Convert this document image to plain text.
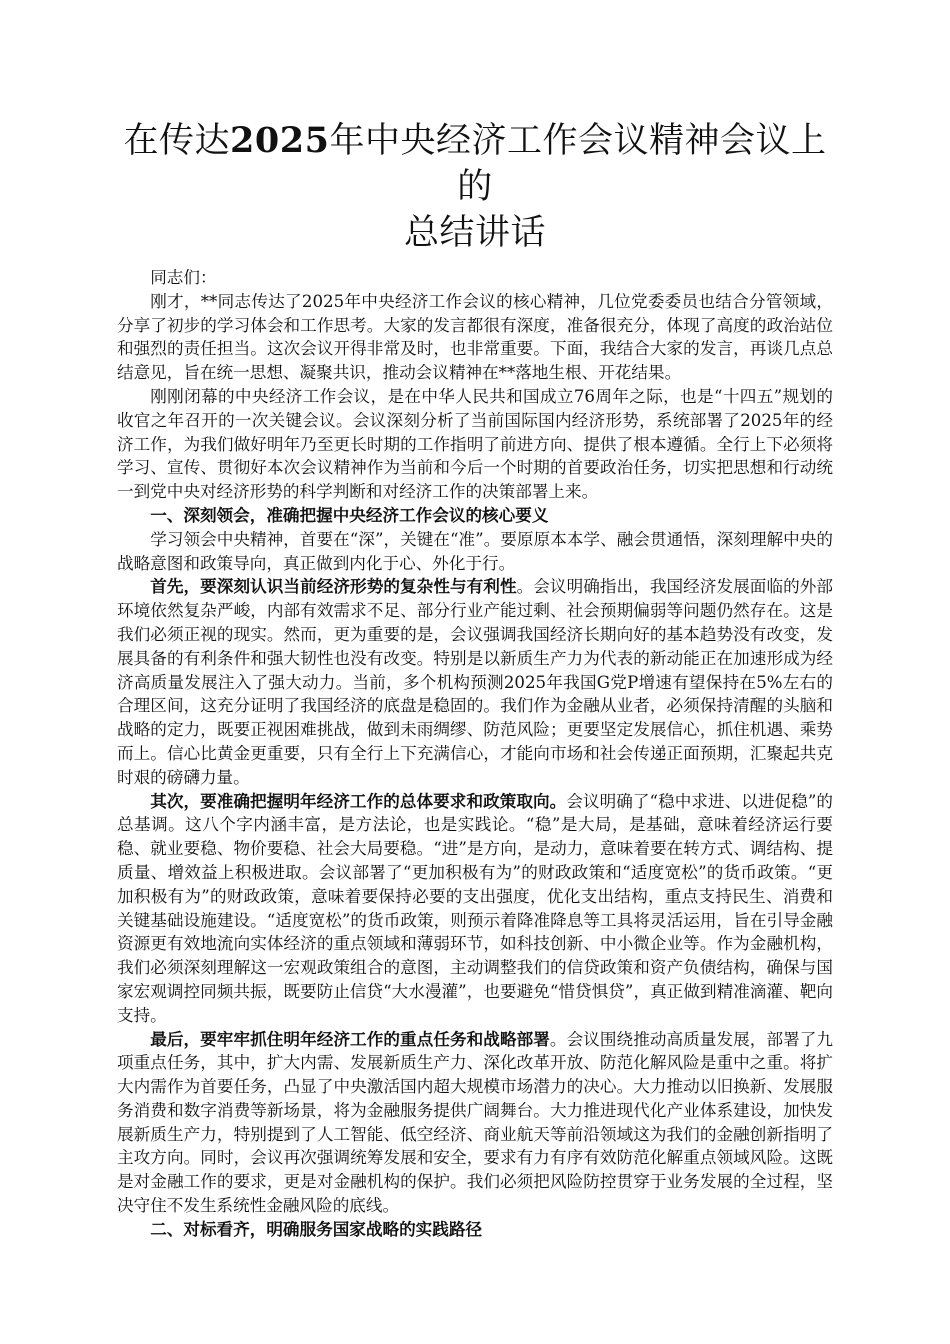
在传达2025年中央经济工作会议精神会议上的
总结讲话

同志们：

刚才，**同志传达了2025年中央经济工作会议的核心精神，几位党委委员也结合分管领域，分享了初步的学习体会和工作思考。大家的发言都很有深度，准备很充分，体现了高度的政治站位和强烈的责任担当。这次会议开得非常及时，也非常重要。下面，我结合大家的发言，再谈几点总结意见，旨在统一思想、凝聚共识，推动会议精神在**落地生根、开花结果。

刚刚闭幕的中央经济工作会议，是在中华人民共和国成立76周年之际，也是“十四五”规划的收官之年召开的一次关键会议。会议深刻分析了当前国际国内经济形势，系统部署了2025年的经济工作，为我们做好明年乃至更长时期的工作指明了前进方向、提供了根本遵循。全行上下必须将学习、宣传、贯彻好本次会议精神作为当前和今后一个时期的首要政治任务，切实把思想和行动统一到党中央对经济形势的科学判断和对经济工作的决策部署上来。

一、深刻领会，准确把握中央经济工作会议的核心要义

学习领会中央精神，首要在“深”，关键在“准”。要原原本本学、融会贯通悟，深刻理解中央的战略意图和政策导向，真正做到内化于心、外化于行。

首先，要深刻认识当前经济形势的复杂性与有利性。会议明确指出，我国经济发展面临的外部环境依然复杂严峻，内部有效需求不足、部分行业产能过剩、社会预期偏弱等问题仍然存在。这是我们必须正视的现实。然而，更为重要的是，会议强调我国经济长期向好的基本趋势没有改变，发展具备的有利条件和强大韧性也没有改变。特别是以新质生产力为代表的新动能正在加速形成为经济高质量发展注入了强大动力。当前，多个机构预测2025年我国G党P增速有望保持在5%左右的合理区间，这充分证明了我国经济的底盘是稳固的。我们作为金融从业者，必须保持清醒的头脑和战略的定力，既要正视困难挑战，做到未雨绸缪、防范风险；更要坚定发展信心，抓住机遇、乘势而上。信心比黄金更重要，只有全行上下充满信心，才能向市场和社会传递正面预期，汇聚起共克时艰的磅礴力量。

其次，要准确把握明年经济工作的总体要求和政策取向。会议明确了“稳中求进、以进促稳”的总基调。这八个字内涵丰富，是方法论，也是实践论。“稳”是大局，是基础，意味着经济运行要稳、就业要稳、物价要稳、社会大局要稳。“进”是方向，是动力，意味着要在转方式、调结构、提质量、增效益上积极进取。会议部署了“更加积极有为”的财政政策和“适度宽松”的货币政策。“更加积极有为”的财政政策，意味着要保持必要的支出强度，优化支出结构，重点支持民生、消费和关键基础设施建设。“适度宽松”的货币政策，则预示着降准降息等工具将灵活运用，旨在引导金融资源更有效地流向实体经济的重点领域和薄弱环节，如科技创新、中小微企业等。作为金融机构，我们必须深刻理解这一宏观政策组合的意图，主动调整我们的信贷政策和资产负债结构，确保与国家宏观调控同频共振，既要防止信贷“大水漫灌”，也要避免“惜贷惧贷”，真正做到精准滴灌、靶向支持。

最后，要牢牢抓住明年经济工作的重点任务和战略部署。会议围绕推动高质量发展，部署了九项重点任务，其中，扩大内需、发展新质生产力、深化改革开放、防范化解风险是重中之重。将扩大内需作为首要任务，凸显了中央激活国内超大规模市场潜力的决心。大力推动以旧换新、发展服务消费和数字消费等新场景，将为金融服务提供广阔舞台。大力推进现代化产业体系建设，加快发展新质生产力，特别提到了人工智能、低空经济、商业航天等前沿领域这为我们的金融创新指明了主攻方向。同时，会议再次强调统筹发展和安全，要求有力有序有效防范化解重点领域风险。这既是对金融工作的要求，更是对金融机构的保护。我们必须把风险防控贯穿于业务发展的全过程，坚决守住不发生系统性金融风险的底线。

二、对标看齐，明确服务国家战略的实践路径
